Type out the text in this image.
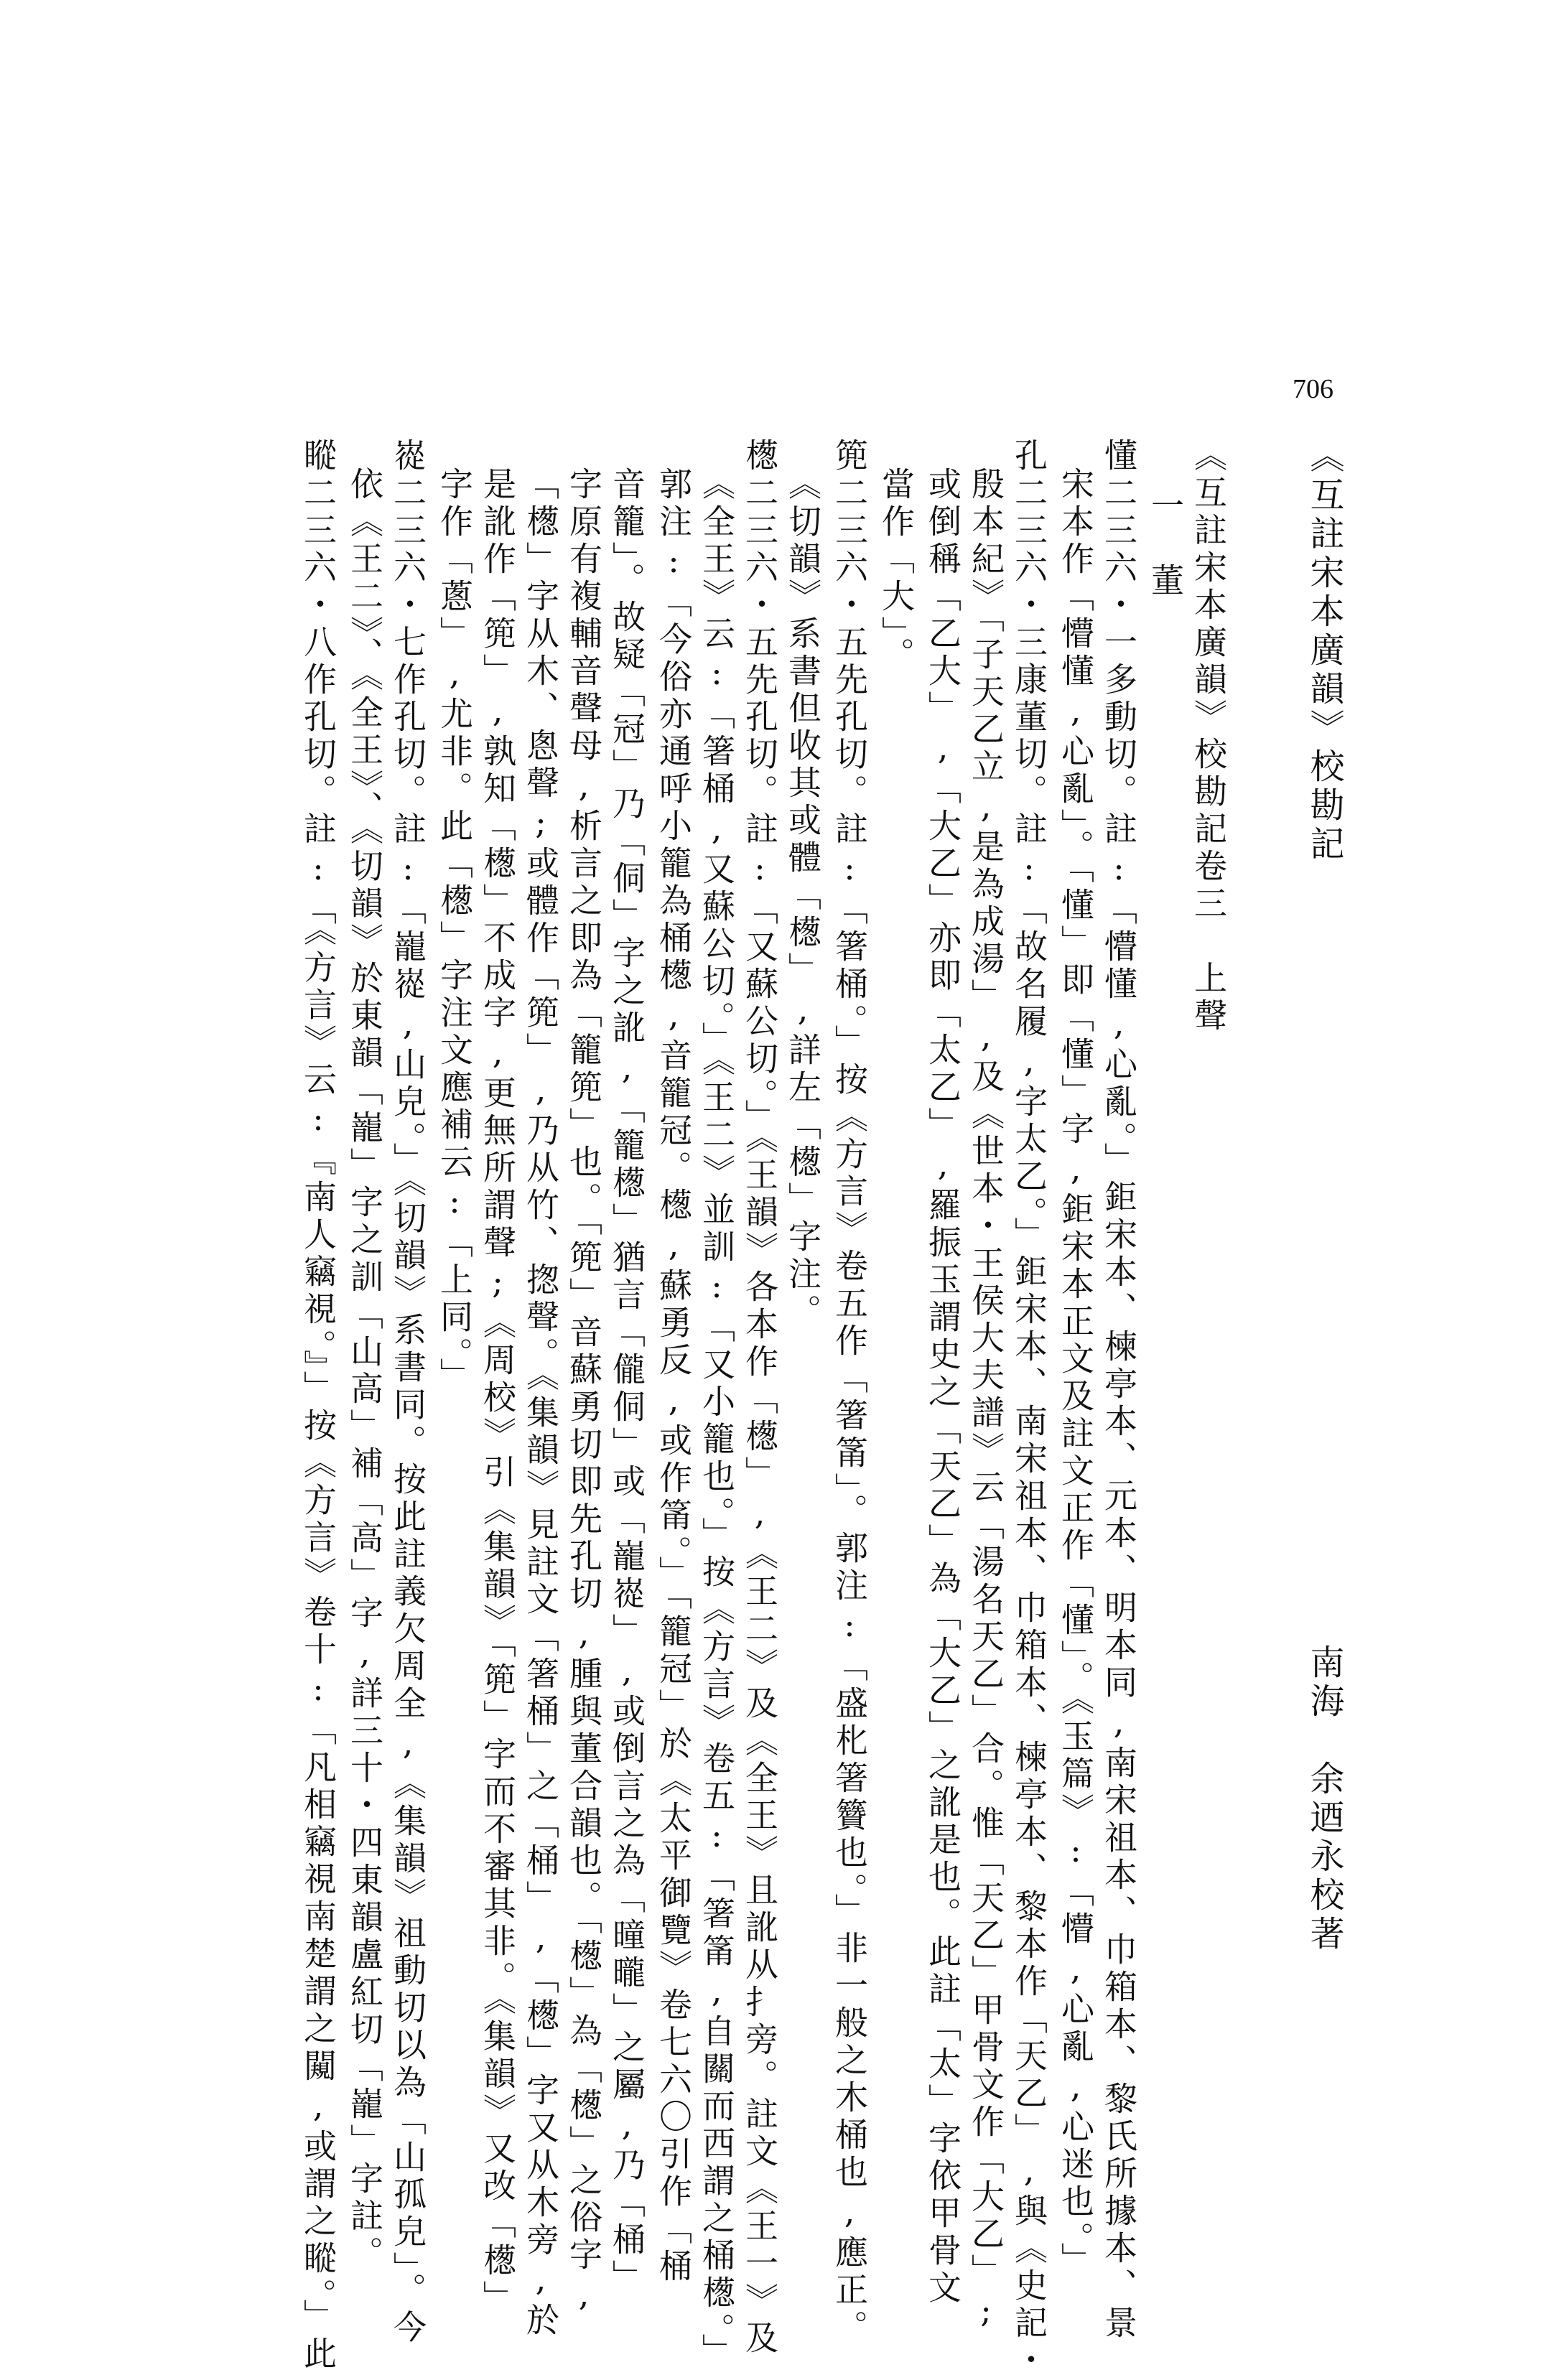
706
《互註宋本廣韻》校勘記
南海　余迺永校著
《互註宋本廣韻》校勘記卷三　上聲
一　董
懂二三六・一多動切。註:「懵懂,心亂。」鉅宋本、楝亭本、元本、明本同,南宋祖本、巾箱本、黎氏所據本、景
宋本作「懵懂,心亂」。「懂」即「懂」字,鉅宋本正文及註文正作「懂」。《玉篇》:「懵,心亂,心迷也。」
孔二三六・三康董切。註:「故名履,字太乙。」鉅宋本、南宋祖本、巾箱本、楝亭本、黎本作「天乙」,與《史記・
殷本紀》「子天乙立,是為成湯」,及《世本・王侯大夫譜》云「湯名天乙」合。惟「天乙」甲骨文作「大乙」;
或倒稱「乙大」,「大乙」亦即「太乙」,羅振玉謂史之「天乙」為「大乙」之訛是也。此註「太」字依甲骨文
當作「大」。
篼二三六・五先孔切。註:「箸桶。」按《方言》卷五作「箸筩」。郭注:「盛朼箸籫也。」非一般之木桶也,應正。
《切韻》系書但收其或體「檧」,詳左「檧」字注。
檧二三六・五先孔切。註:「又蘇公切。」《王韻》各本作「檧」,《王二》及《全王》且訛从扌旁。註文《王一》及
《全王》云:「箸桶,又蘇公切。」《王二》並訓:「又小籠也。」按《方言》卷五:「箸筩,自關而西謂之桶檧。」
郭注:「今俗亦通呼小籠為桶檧,音籠冠。檧,蘇勇反,或作筩。」「籠冠」於《太平御覽》卷七六〇引作「桶
音籠」。故疑「冠」乃「侗」字之訛,「籠檧」猶言「儱侗」或「巃嵸」,或倒言之為「曈曨」之屬,乃「桶」
字原有複輔音聲母,析言之即為「籠篼」也。「篼」音蘇勇切即先孔切,腫與董合韻也。「檧」為「檧」之俗字,
「檧」字从木、悤聲;或體作「篼」,乃从竹、揔聲。《集韻》見註文「箸桶」之「桶」,「檧」字又从木旁,於
是訛作「篼」,孰知「檧」不成字,更無所謂聲;《周校》引《集韻》「篼」字而不審其非。《集韻》又改「檧」
字作「蔥」,尤非。此「檧」字注文應補云:「上同。」
嵸二三六・七作孔切。註:「巃嵸,山皃。」《切韻》系書同。按此註義欠周全,《集韻》祖動切以為「山孤皃」。今
依《王二》、《全王》、《切韻》於東韻「巃」字之訓「山高」補「高」字,詳三十・四東韻盧紅切「巃」字註。
瞛二三六・八作孔切。註:「《方言》云:『南人竊視。』」按《方言》卷十:「凡相竊視南楚謂之闚,或謂之瞛。」此
